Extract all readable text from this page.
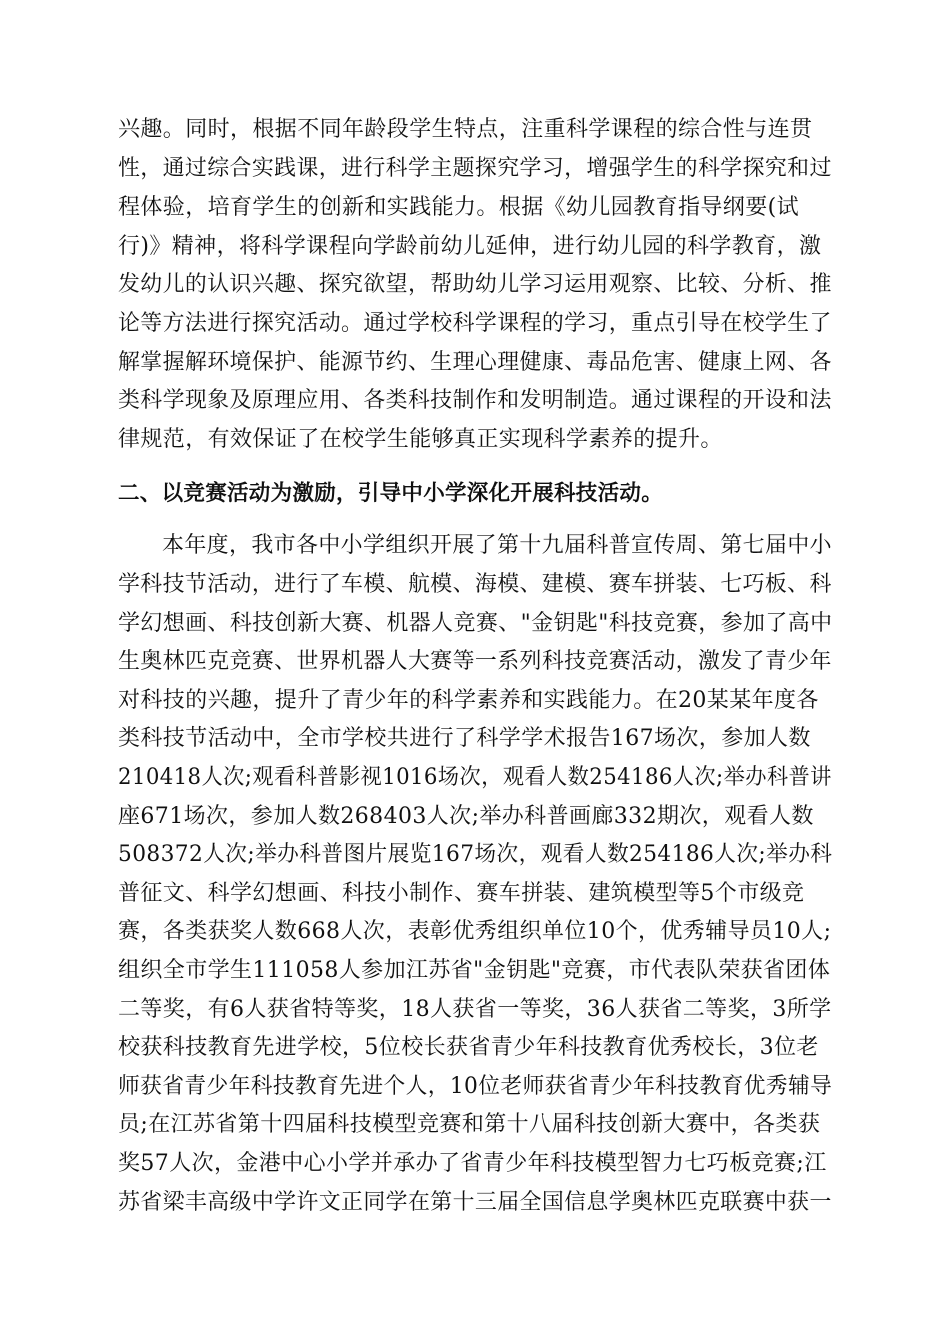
兴趣。同时，根据不同年龄段学生特点，注重科学课程的综合性与连贯
性，通过综合实践课，进行科学主题探究学习，增强学生的科学探究和过
程体验，培育学生的创新和实践能力。根据《幼儿园教育指导纲要(试
行)》精神，将科学课程向学龄前幼儿延伸，进行幼儿园的科学教育，激
发幼儿的认识兴趣、探究欲望，帮助幼儿学习运用观察、比较、分析、推
论等方法进行探究活动。通过学校科学课程的学习，重点引导在校学生了
解掌握解环境保护、能源节约、生理心理健康、毒品危害、健康上网、各
类科学现象及原理应用、各类科技制作和发明制造。通过课程的开设和法
律规范，有效保证了在校学生能够真正实现科学素养的提升。
二、以竞赛活动为激励，引导中小学深化开展科技活动。
本年度，我市各中小学组织开展了第十九届科普宣传周、第七届中小
学科技节活动，进行了车模、航模、海模、建模、赛车拼装、七巧板、科
学幻想画、科技创新大赛、机器人竞赛、"金钥匙"科技竞赛，参加了高中
生奥林匹克竞赛、世界机器人大赛等一系列科技竞赛活动，激发了青少年
对科技的兴趣，提升了青少年的科学素养和实践能力。在20某某年度各
类科技节活动中，全市学校共进行了科学学术报告167场次，参加人数
210418人次;观看科普影视1016场次，观看人数254186人次;举办科普讲
座671场次，参加人数268403人次;举办科普画廊332期次，观看人数
508372人次;举办科普图片展览167场次，观看人数254186人次;举办科
普征文、科学幻想画、科技小制作、赛车拼装、建筑模型等5个市级竞
赛，各类获奖人数668人次，表彰优秀组织单位10个，优秀辅导员10人;
组织全市学生111058人参加江苏省"金钥匙"竞赛，市代表队荣获省团体
二等奖，有6人获省特等奖，18人获省一等奖，36人获省二等奖，3所学
校获科技教育先进学校，5位校长获省青少年科技教育优秀校长，3位老
师获省青少年科技教育先进个人，10位老师获省青少年科技教育优秀辅导
员;在江苏省第十四届科技模型竞赛和第十八届科技创新大赛中，各类获
奖57人次，金港中心小学并承办了省青少年科技模型智力七巧板竞赛;江
苏省梁丰高级中学许文正同学在第十三届全国信息学奥林匹克联赛中获一
